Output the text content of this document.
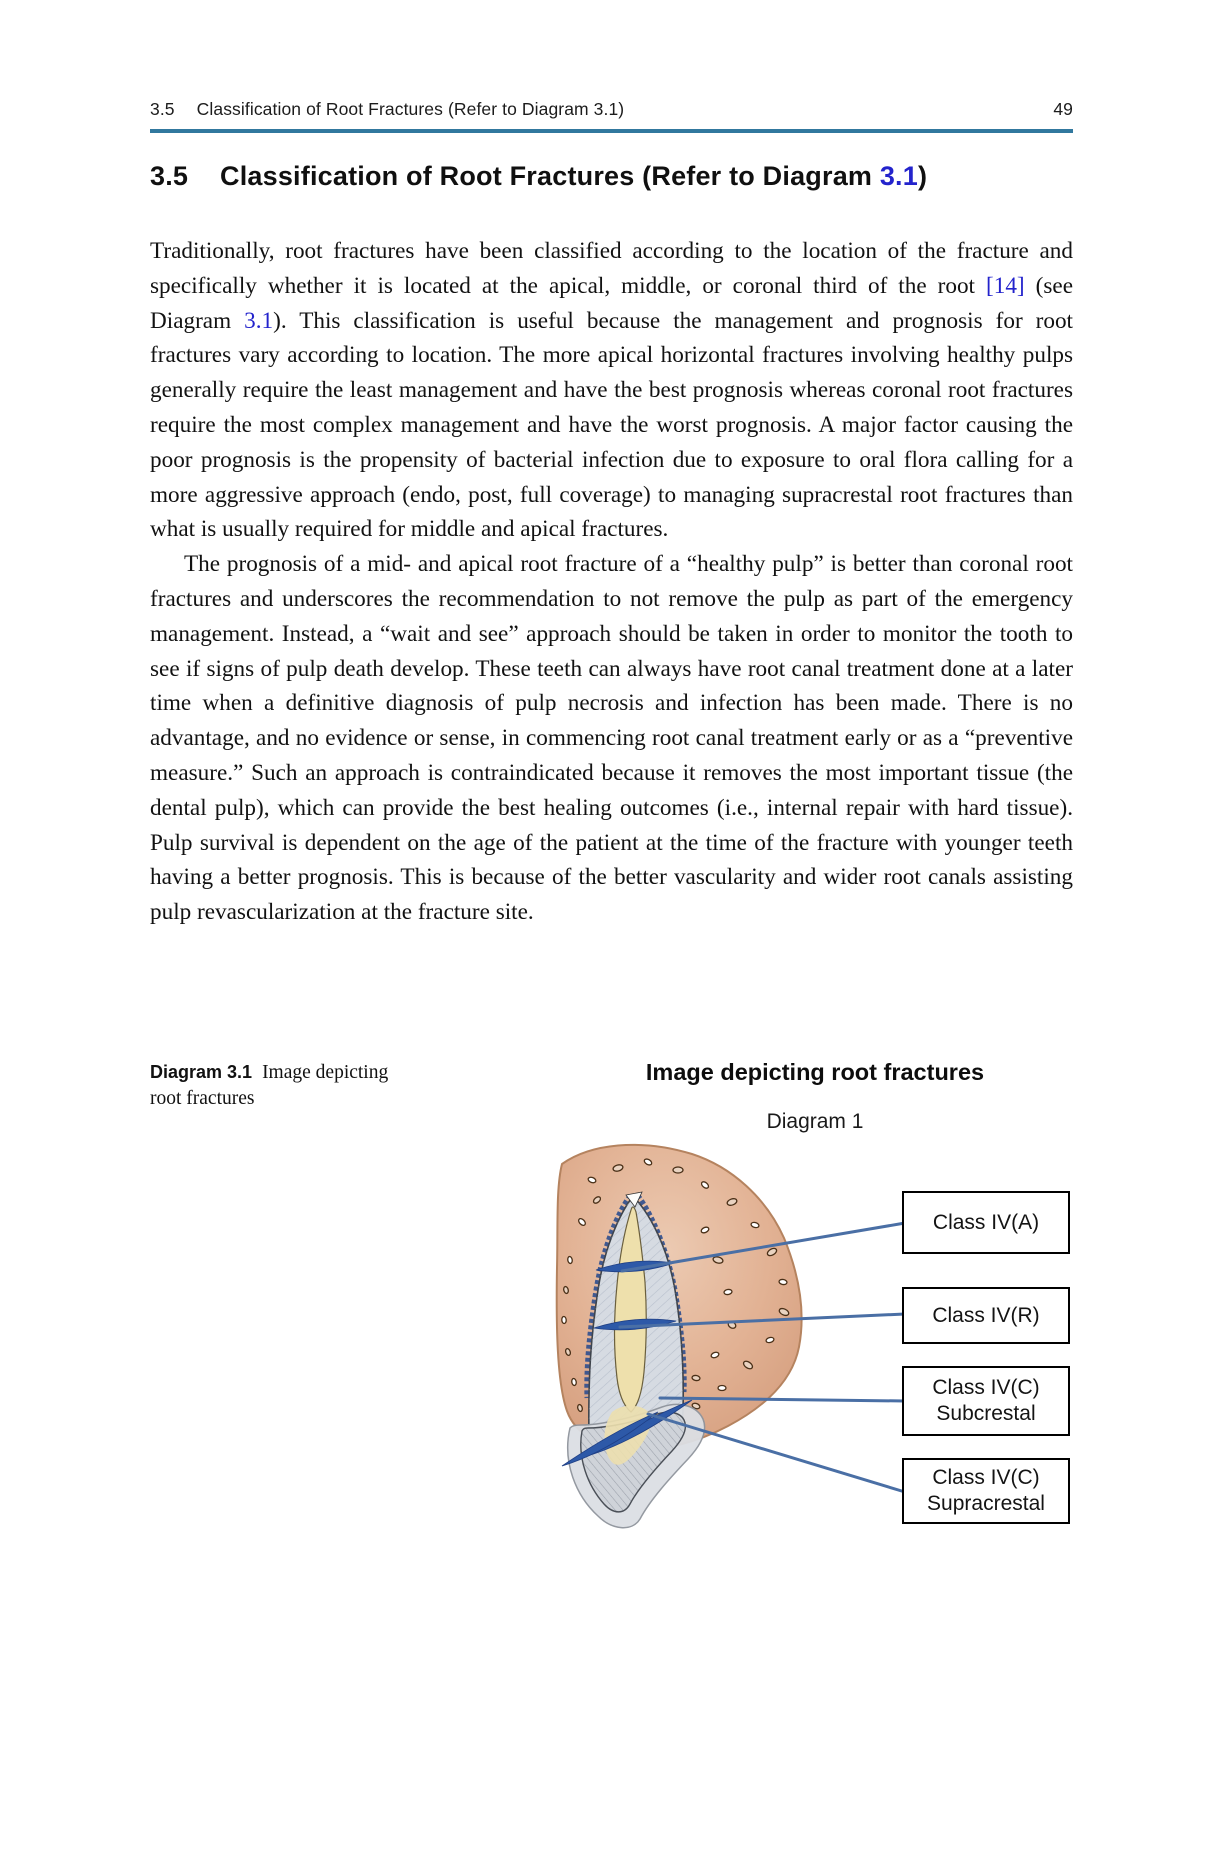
3.5 Classification of Root Fractures (Refer to Diagram 3.1)	49
3.5 Classification of Root Fractures (Refer to Diagram 3.1)

Traditionally, root fractures have been classified according to the location of the fracture and specifically whether it is located at the apical, middle, or coronal third of the root [14] (see Diagram 3.1). This classification is useful because the management and prognosis for root fractures vary according to location. The more apical horizontal fractures involving healthy pulps generally require the least management and have the best prognosis whereas coronal root fractures require the most complex management and have the worst prognosis. A major factor causing the poor prognosis is the propensity of bacterial infection due to exposure to oral flora calling for a more aggressive approach (endo, post, full coverage) to managing supracrestal root fractures than what is usually required for middle and apical fractures.

The prognosis of a mid- and apical root fracture of a “healthy pulp” is better than coronal root fractures and underscores the recommendation to not remove the pulp as part of the emergency management. Instead, a “wait and see” approach should be taken in order to monitor the tooth to see if signs of pulp death develop. These teeth can always have root canal treatment done at a later time when a definitive diagnosis of pulp necrosis and infection has been made. There is no advantage, and no evidence or sense, in commencing root canal treatment early or as a “preventive measure.” Such an approach is contraindicated because it removes the most important tissue (the dental pulp), which can provide the best healing outcomes (i.e., internal repair with hard tissue). Pulp survival is dependent on the age of the patient at the time of the fracture with younger teeth having a better prognosis. This is because of the better vascularity and wider root canals assisting pulp revascularization at the fracture site.

Diagram 3.1 Image depicting root fractures
Image depicting root fractures
Diagram 1
Class IV(A)
Class IV(R)
Class IV(C)
Subcrestal
Class IV(C)
Supracrestal
